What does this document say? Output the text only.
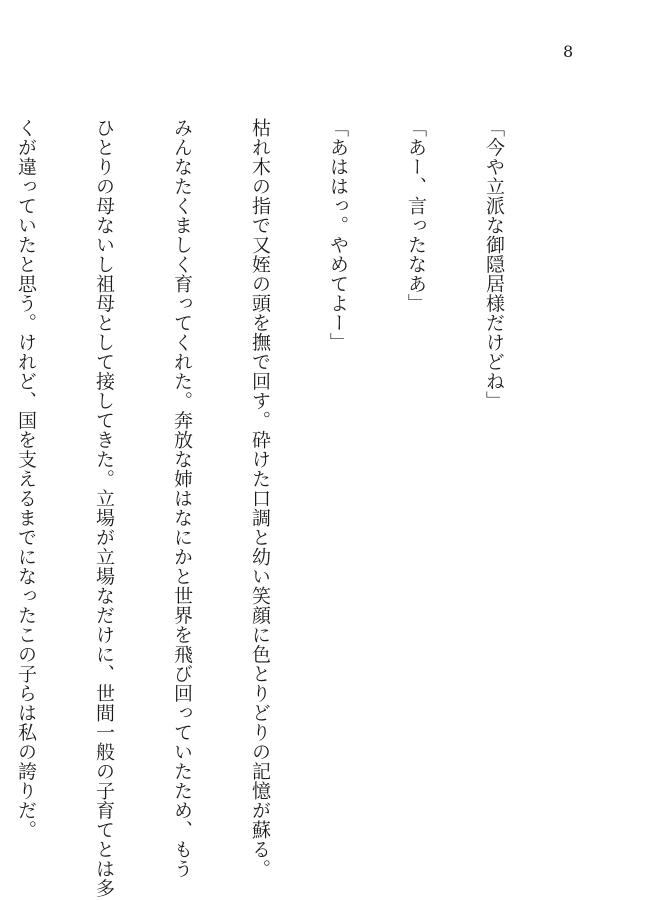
8

「今や立派な御隠居様だけどね」

「あー、言ったなあ」

「あははっ。やめてよー」

枯れ木の指で又姪の頭を撫で回す。砕けた口調と幼い笑顔に色とりどりの記憶が蘇る。

みんなたくましく育ってくれた。奔放な姉はなにかと世界を飛び回っていたため、もう

ひとりの母ないし祖母として接してきた。立場が立場なだけに、世間一般の子育てとは多

くが違っていたと思う。けれど、国を支えるまでになったこの子らは私の誇りだ。
